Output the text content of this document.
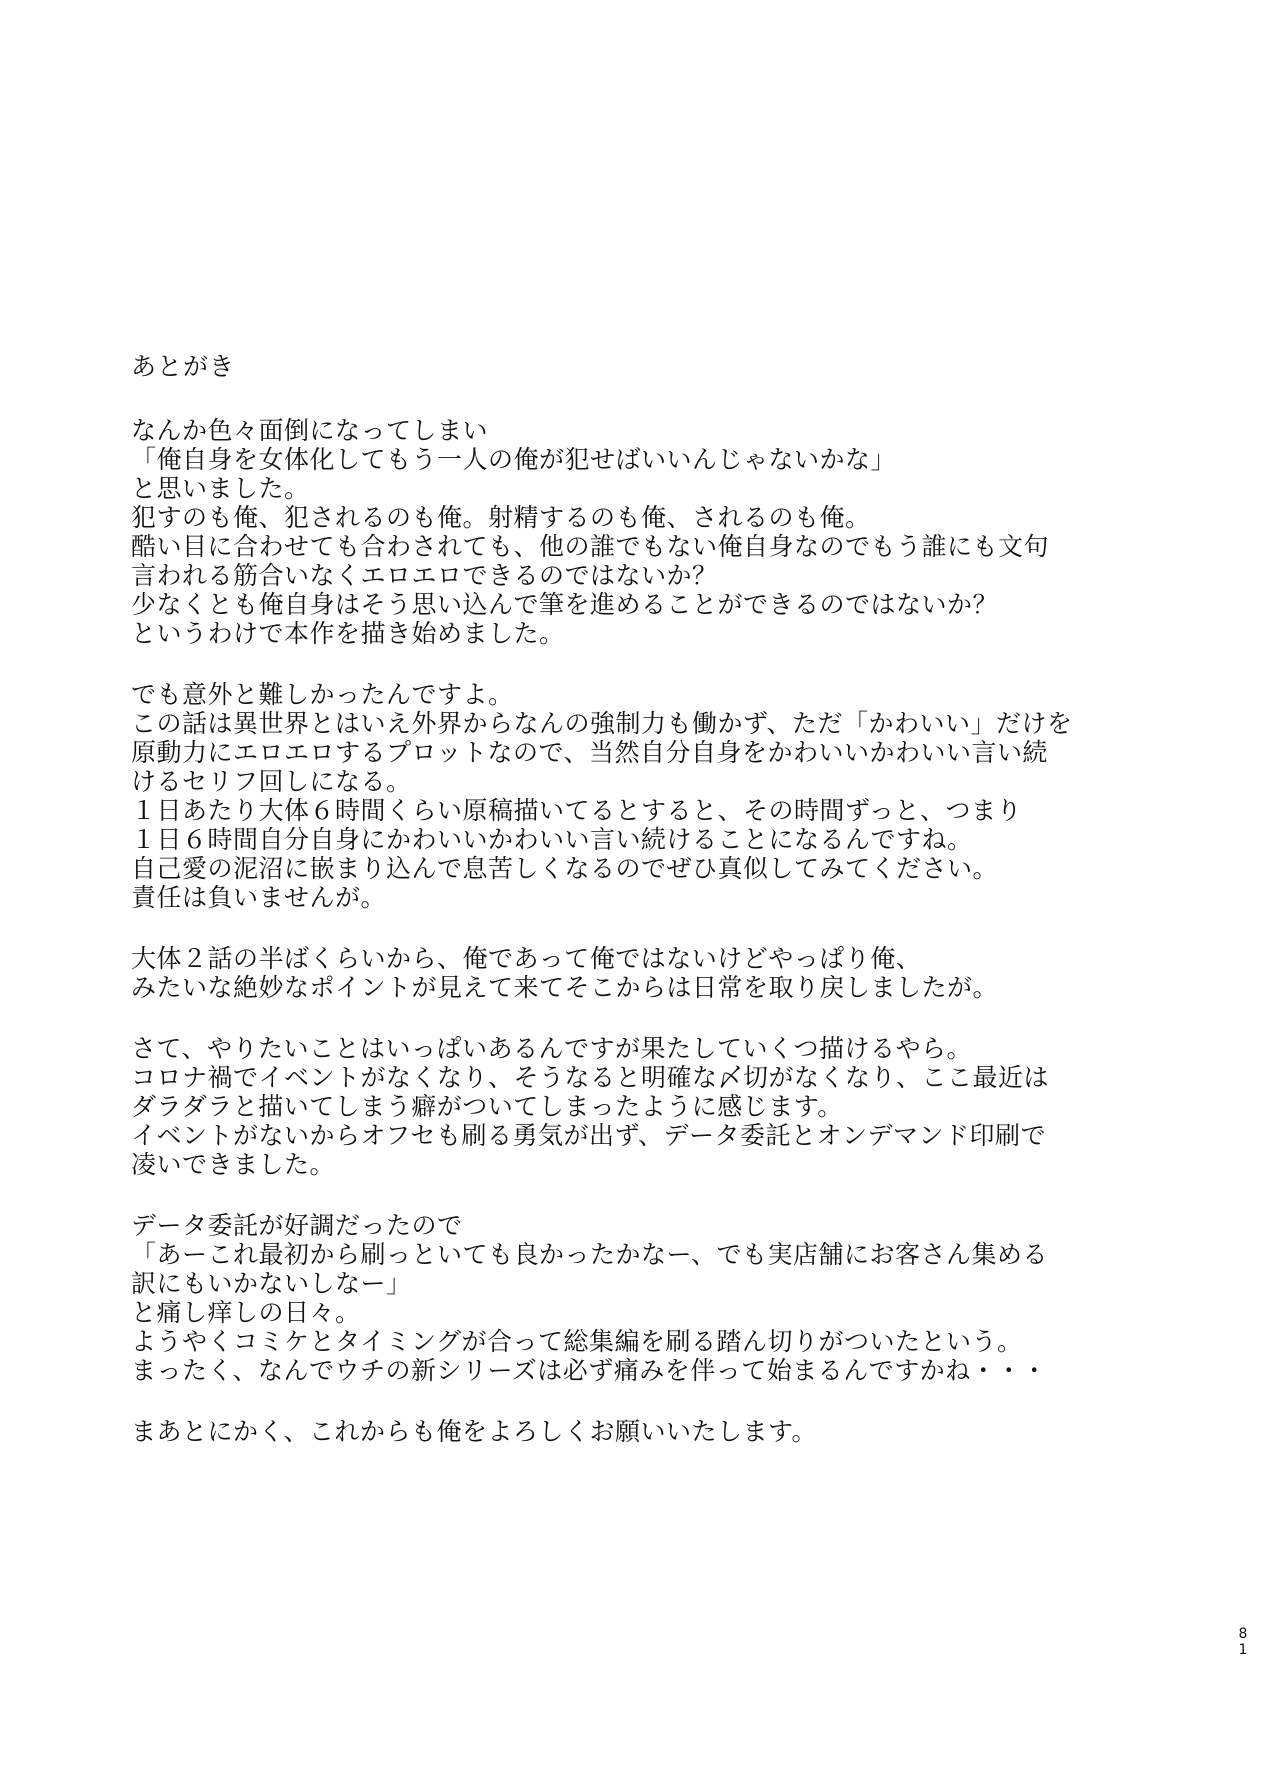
あとがき
なんか色々面倒になってしまい
「俺自身を女体化してもう一人の俺が犯せばいいんじゃないかな」
と思いました。
犯すのも俺、犯されるのも俺。射精するのも俺、されるのも俺。
酷い目に合わせても合わされても、他の誰でもない俺自身なのでもう誰にも文句
言われる筋合いなくエロエロできるのではないか？
少なくとも俺自身はそう思い込んで筆を進めることができるのではないか？
というわけで本作を描き始めました。
でも意外と難しかったんですよ。
この話は異世界とはいえ外界からなんの強制力も働かず、ただ「かわいい」だけを
原動力にエロエロするプロットなので、当然自分自身をかわいいかわいい言い続
けるセリフ回しになる。
１日あたり大体６時間くらい原稿描いてるとすると、その時間ずっと、つまり
１日６時間自分自身にかわいいかわいい言い続けることになるんですね。
自己愛の泥沼に嵌まり込んで息苦しくなるのでぜひ真似してみてください。
責任は負いませんが。
大体２話の半ばくらいから、俺であって俺ではないけどやっぱり俺、
みたいな絶妙なポイントが見えて来てそこからは日常を取り戻しましたが。
さて、やりたいことはいっぱいあるんですが果たしていくつ描けるやら。
コロナ禍でイベントがなくなり、そうなると明確な〆切がなくなり、ここ最近は
ダラダラと描いてしまう癖がついてしまったように感じます。
イベントがないからオフセも刷る勇気が出ず、データ委託とオンデマンド印刷で
凌いできました。
データ委託が好調だったので
「あーこれ最初から刷っといても良かったかなー、でも実店舗にお客さん集める
訳にもいかないしなー」
と痛し痒しの日々。
ようやくコミケとタイミングが合って総集編を刷る踏ん切りがついたという。
まったく、なんでウチの新シリーズは必ず痛みを伴って始まるんですかね・・・
まあとにかく、これからも俺をよろしくお願いいたします。
8
1
